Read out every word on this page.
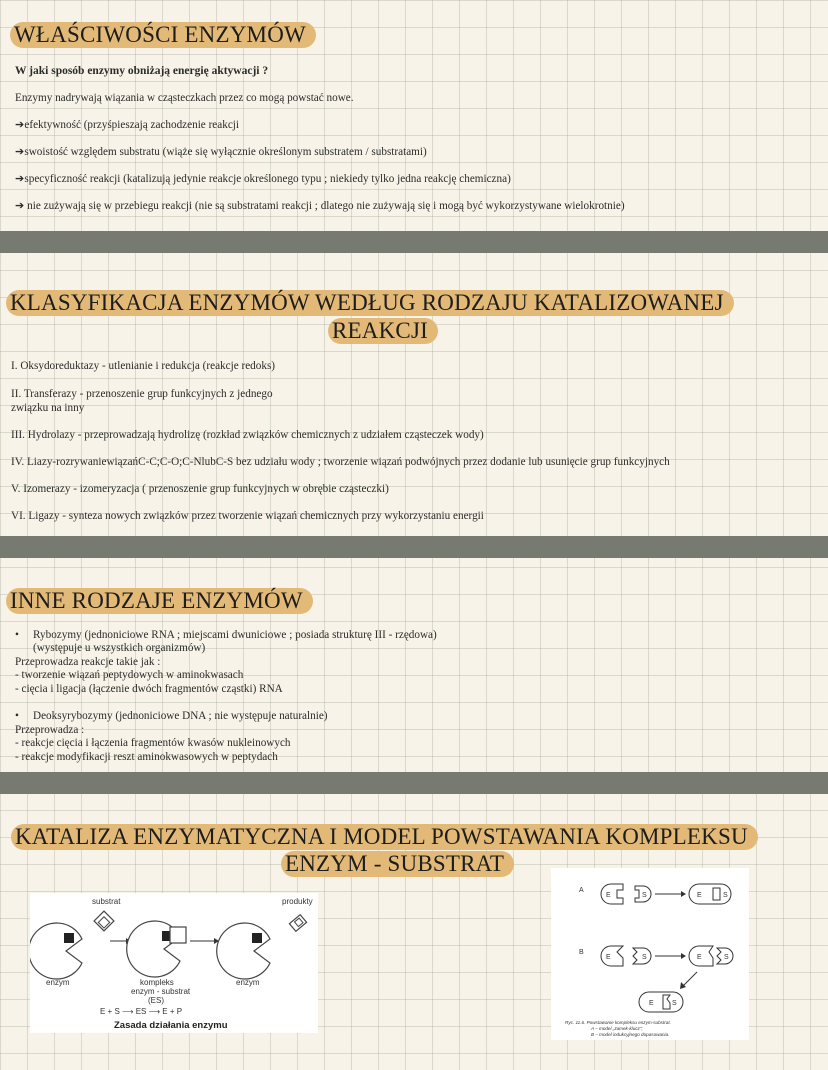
WŁAŚCIWOŚCI ENZYMÓW
W jaki sposób enzymy obniżają energię aktywacji ?
Enzymy nadrywają wiązania w cząsteczkach przez co mogą powstać nowe.
➔efektywność (przyśpieszają zachodzenie reakcji
➔swoistość względem substratu (wiąże się wyłącznie określonym substratem / substratami)
➔specyficzność reakcji (katalizują jedynie reakcje określonego typu ; niekiedy tylko jedna reakcję chemiczna)
➔ nie zużywają się w przebiegu reakcji (nie są substratami reakcji ; dlatego nie zużywają się i mogą być wykorzystywane wielokrotnie)
KLASYFIKACJA ENZYMÓW WEDŁUG RODZAJU KATALIZOWANEJ
REAKCJI
I. Oksydoreduktazy - utlenianie i redukcja (reakcje redoks)
II. Transferazy - przenoszenie grup funkcyjnych z jednego
związku na inny
III. Hydrolazy - przeprowadzają hydrolizę (rozkład związków chemicznych z udziałem cząsteczek wody)
IV. Liazy-rozrywaniewiązańC-C;C-O;C-NlubC-S bez udziału wody ; tworzenie wiązań podwójnych przez dodanie lub usunięcie grup funkcyjnych
V. Izomerazy - izomeryzacja ( przenoszenie grup funkcyjnych w obrębie cząsteczki)
VI. Ligazy - synteza nowych związków przez tworzenie wiązań chemicznych przy wykorzystaniu energii
INNE RODZAJE ENZYMÓW
• Rybozymy (jednoniciowe RNA ; miejscami dwuniciowe ; posiada strukturę III - rzędowa)
(występuje u wszystkich organizmów)
Przeprowadza reakcje takie jak :
- tworzenie wiązań peptydowych w aminokwasach
- cięcia i ligacja (łączenie dwóch fragmentów cząstki) RNA
• Deoksyrybozymy (jednoniciowe DNA ; nie występuje naturalnie)
Przeprowadza :
- reakcje cięcia i łączenia fragmentów kwasów nukleinowych
- reakcje modyfikacji reszt aminokwasowych w peptydach
KATALIZA ENZYMATYCZNA I MODEL POWSTAWANIA KOMPLEKSU
ENZYM - SUBSTRAT
substrat	produkty
enzym	enzym
kompleks
enzym - substrat
(ES)
E + S ⟶ ES ⟶ E + P
Zasada działania enzymu
A
B
E	S	E	S
E	S	E	S
E	S
Ryc. 11.6. Powstawanie kompleksu enzym-substrat.
A – model „zamek-klucz”;
B – model indukcyjnego dopasowania.
